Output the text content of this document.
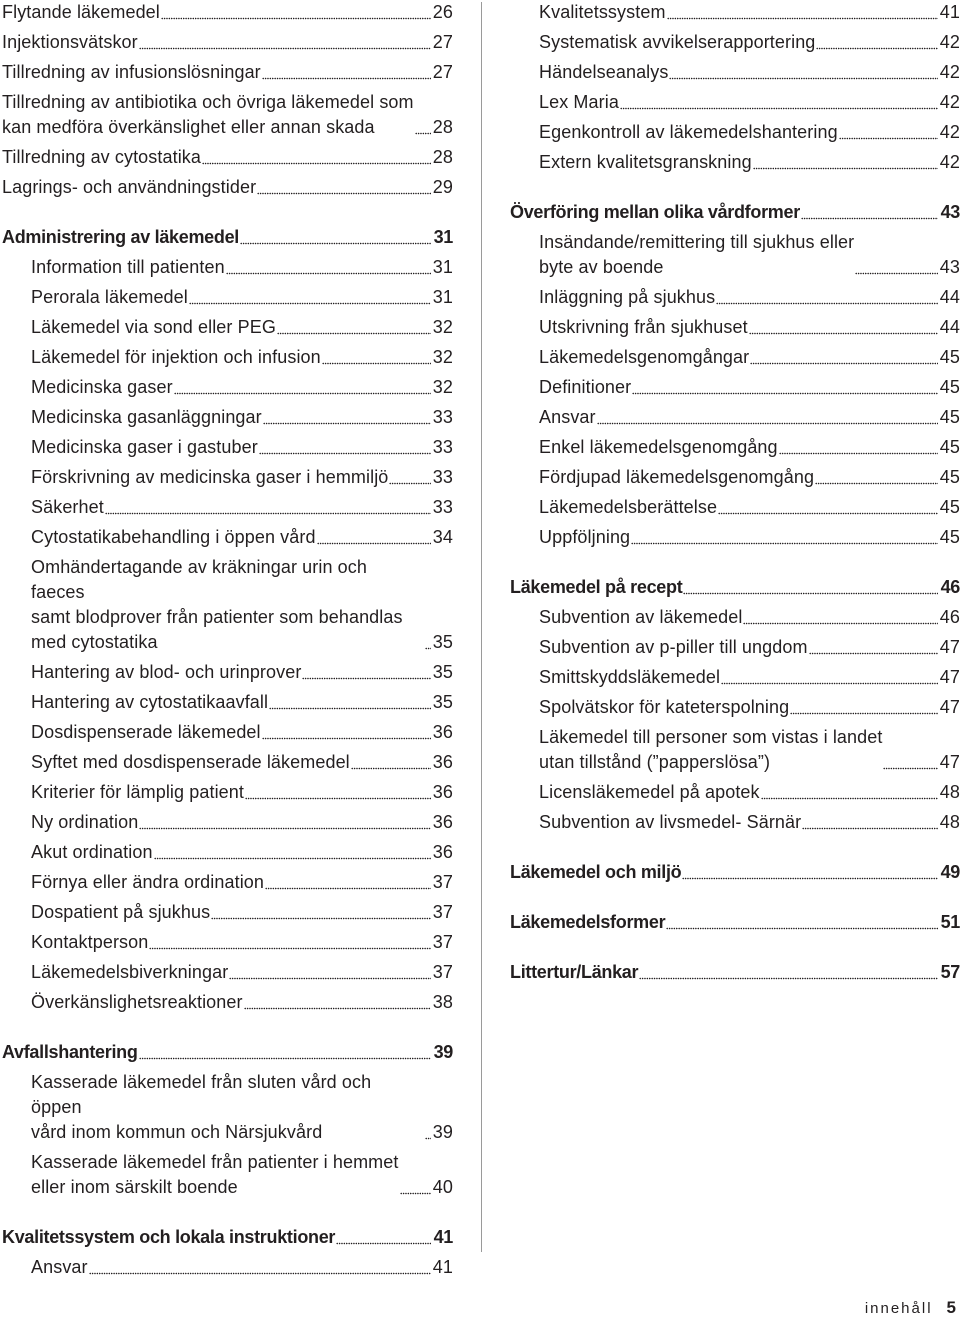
Flytande läkemedel	26
Injektionsvätskor	27
Tillredning av infusionslösningar	27
Tillredning av antibiotika och övriga läkemedel som
kan medföra överkänslighet eller annan skada	28
Tillredning av cytostatika	28
Lagrings- och användningstider	29
Administrering av läkemedel	31
Information till patienten	31
Perorala läkemedel	31
Läkemedel via sond eller PEG	32
Läkemedel för injektion och infusion	32
Medicinska gaser	32
Medicinska gasanläggningar	33
Medicinska gaser i gastuber	33
Förskrivning av medicinska gaser i hemmiljö 33
Säkerhet	33
Cytostatikabehandling i öppen vård	34
Omhändertagande av kräkningar urin och faeces
samt blodprover från patienter som behandlas
med cytostatika	35
Hantering av blod- och urinprover	35
Hantering av cytostatikaavfall	35
Dosdispenserade läkemedel	36
Syftet med dosdispenserade läkemedel	36
Kriterier för lämplig patient	36
Ny ordination	36
Akut ordination	36
Förnya eller ändra ordination	37
Dospatient på sjukhus	37
Kontaktperson	37
Läkemedelsbiverkningar	37
Överkänslighetsreaktioner	38
Avfallshantering	39
Kasserade läkemedel från sluten vård och öppen
vård inom kommun och Närsjukvård	39
Kasserade läkemedel från patienter i hemmet
eller inom särskilt boende	40
Kvalitetssystem och lokala instruktioner	41
Ansvar	41
Kvalitetssystem	41
Systematisk avvikelserapportering	42
Händelseanalys	42
Lex Maria	42
Egenkontroll av läkemedelshantering	42
Extern kvalitetsgranskning	42
Överföring mellan olika vårdformer	43
Insändande/remittering till sjukhus eller
byte av boende	43
Inläggning på sjukhus	44
Utskrivning från sjukhuset	44
Läkemedelsgenomgångar	45
Definitioner	45
Ansvar	45
Enkel läkemedelsgenomgång	45
Fördjupad läkemedelsgenomgång	45
Läkemedelsberättelse	45
Uppföljning	45
Läkemedel på recept	46
Subvention av läkemedel	46
Subvention av p-piller till ungdom	47
Smittskyddsläkemedel	47
Spolvätskor för kateterspolning	47
Läkemedel till personer som vistas i landet
utan tillstånd (”papperslösa”)	47
Licensläkemedel på apotek	48
Subvention av livsmedel- Särnär	48
Läkemedel och miljö	49
Läkemedelsformer	51
Littertur/Länkar	57
innehåll 5
